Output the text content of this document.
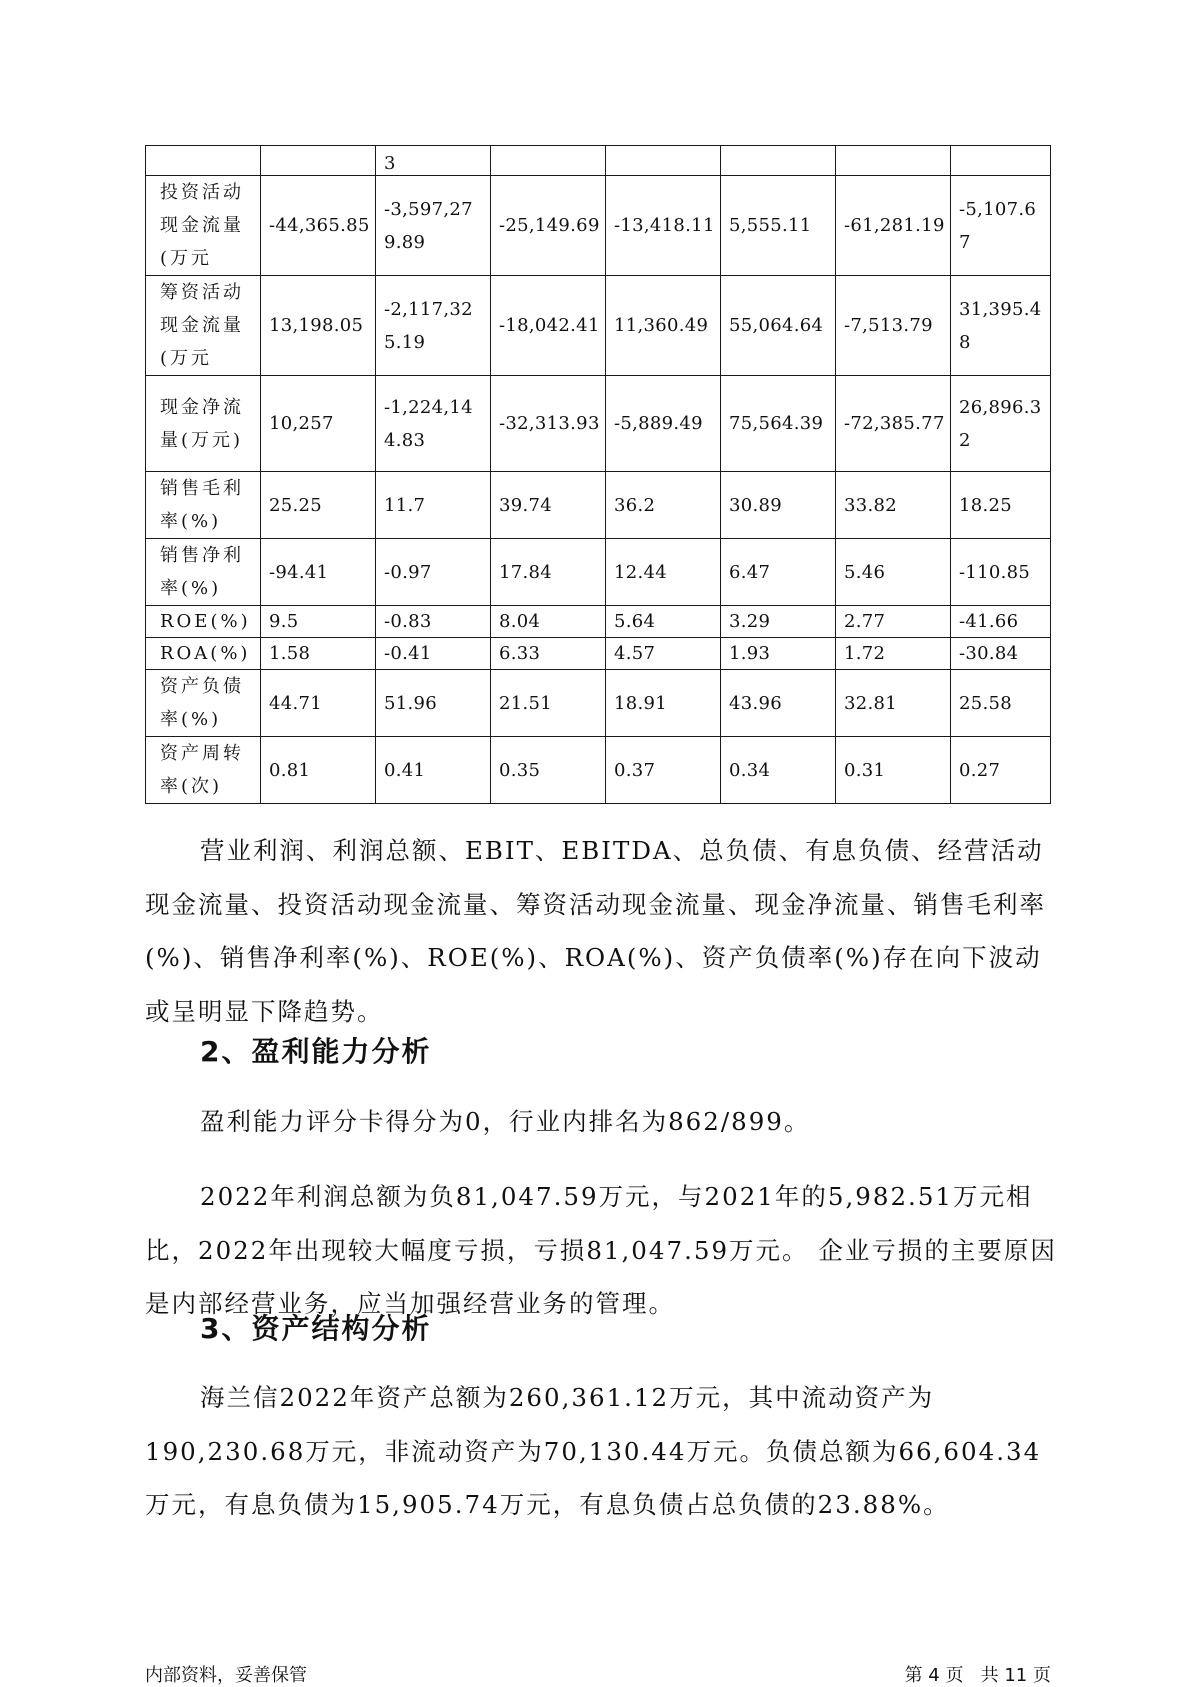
		3					
投资活动现金流量(万元	-44,365.85	-3,597,279.89	-25,149.69	-13,418.11	5,555.11	-61,281.19	-5,107.67
筹资活动现金流量(万元	13,198.05	-2,117,325.19	-18,042.41	11,360.49	55,064.64	-7,513.79	31,395.48
现金净流量(万元)	10,257	-1,224,144.83	-32,313.93	-5,889.49	75,564.39	-72,385.77	26,896.32
销售毛利率(%)	25.25	11.7	39.74	36.2	30.89	33.82	18.25
销售净利率(%)	-94.41	-0.97	17.84	12.44	6.47	5.46	-110.85
ROE(%)	9.5	-0.83	8.04	5.64	3.29	2.77	-41.66
ROA(%)	1.58	-0.41	6.33	4.57	1.93	1.72	-30.84
资产负债率(%)	44.71	51.96	21.51	18.91	43.96	32.81	25.58
资产周转率(次)	0.81	0.41	0.35	0.37	0.34	0.31	0.27

营业利润、利润总额、EBIT、EBITDA、总负债、有息负债、经营活动现金流量、投资活动现金流量、筹资活动现金流量、现金净流量、销售毛利率(%)、销售净利率(%)、ROE(%)、ROA(%)、资产负债率(%)存在向下波动或呈明显下降趋势。

2、盈利能力分析

盈利能力评分卡得分为0，行业内排名为862/899。

2022年利润总额为负81,047.59万元，与2021年的5,982.51万元相比，2022年出现较大幅度亏损，亏损81,047.59万元。 企业亏损的主要原因是内部经营业务，应当加强经营业务的管理。

3、资产结构分析

海兰信2022年资产总额为260,361.12万元，其中流动资产为190,230.68万元，非流动资产为70,130.44万元。负债总额为66,604.34万元，有息负债为15,905.74万元，有息负债占总负债的23.88%。

内部资料，妥善保管	第 4 页   共 11 页
